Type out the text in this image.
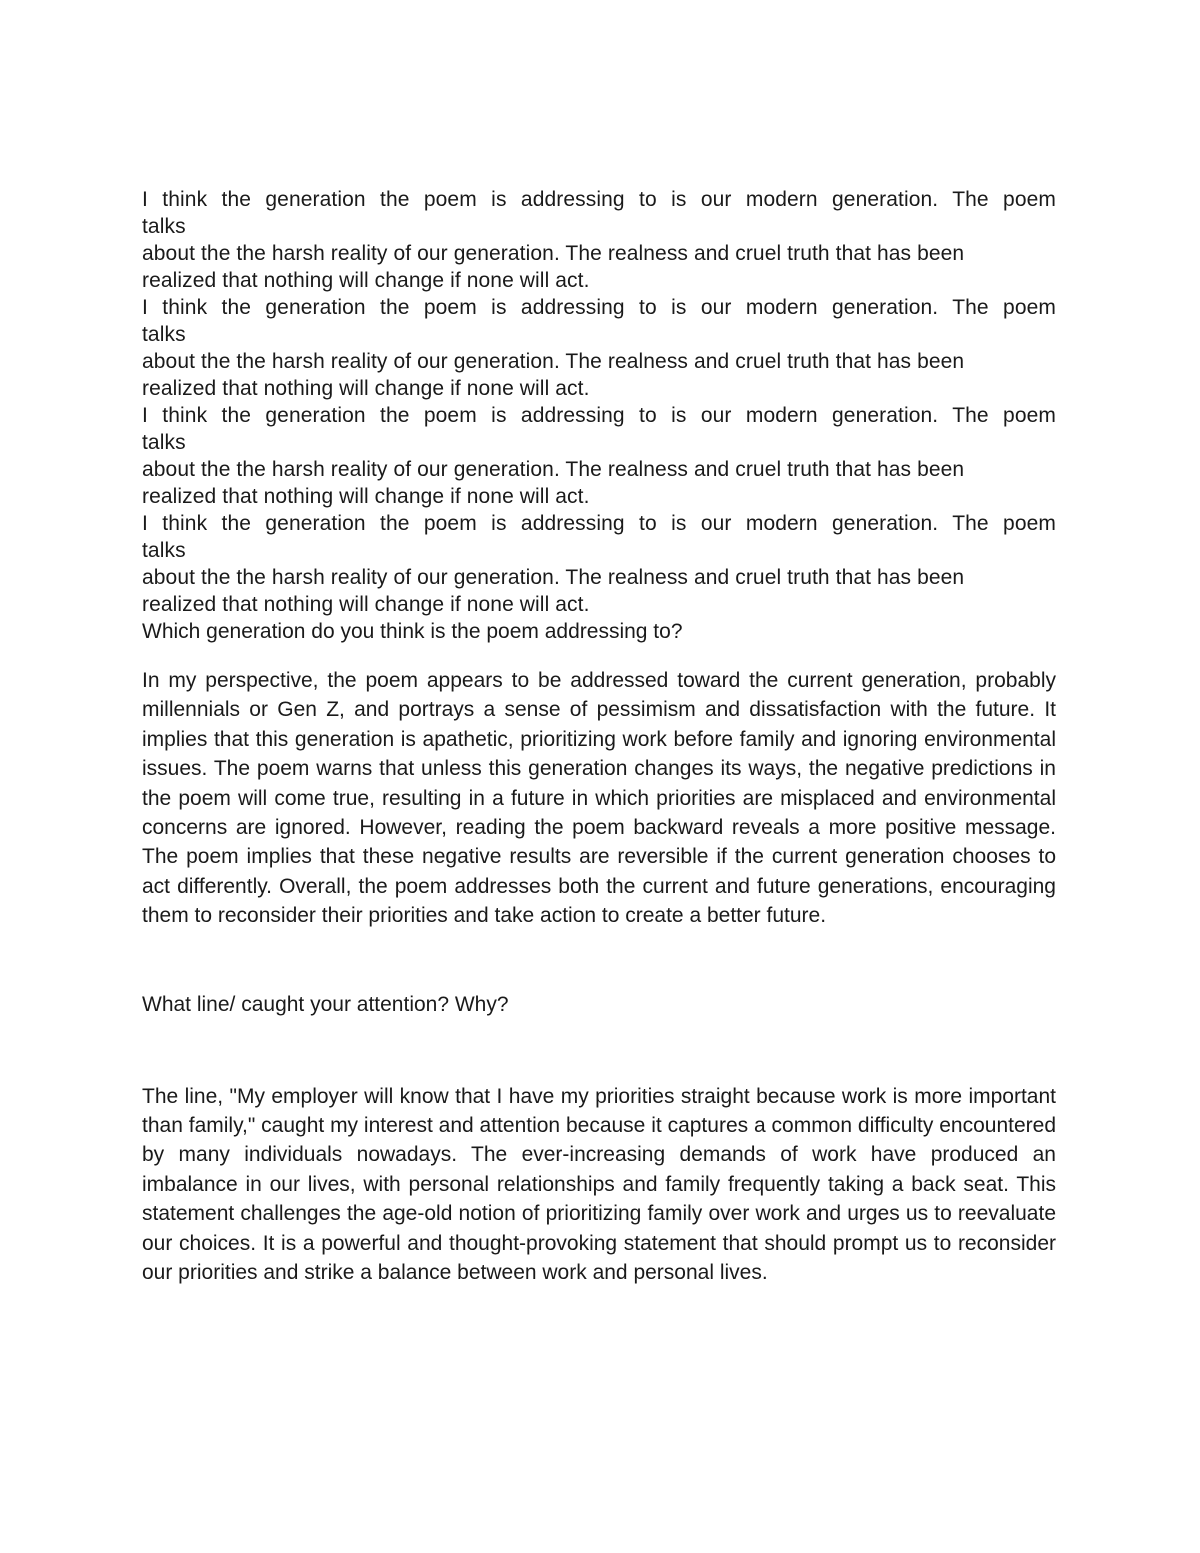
I think the generation the poem is addressing to is our modern generation. The poem
talks
about the the harsh reality of our generation. The realness and cruel truth that has been
realized that nothing will change if none will act.
I think the generation the poem is addressing to is our modern generation. The poem
talks
about the the harsh reality of our generation. The realness and cruel truth that has been
realized that nothing will change if none will act.
I think the generation the poem is addressing to is our modern generation. The poem
talks
about the the harsh reality of our generation. The realness and cruel truth that has been
realized that nothing will change if none will act.
I think the generation the poem is addressing to is our modern generation. The poem
talks
about the the harsh reality of our generation. The realness and cruel truth that has been
realized that nothing will change if none will act.
Which generation do you think is the poem addressing to?

In my perspective, the poem appears to be addressed toward the current generation, probably millennials or Gen Z, and portrays a sense of pessimism and dissatisfaction with the future. It implies that this generation is apathetic, prioritizing work before family and ignoring environmental issues. The poem warns that unless this generation changes its ways, the negative predictions in the poem will come true, resulting in a future in which priorities are misplaced and environmental concerns are ignored. However, reading the poem backward reveals a more positive message. The poem implies that these negative results are reversible if the current generation chooses to act differently. Overall, the poem addresses both the current and future generations, encouraging them to reconsider their priorities and take action to create a better future.

What line/ caught your attention? Why?

The line, "My employer will know that I have my priorities straight because work is more important than family," caught my interest and attention because it captures a common difficulty encountered by many individuals nowadays. The ever-increasing demands of work have produced an imbalance in our lives, with personal relationships and family frequently taking a back seat. This statement challenges the age-old notion of prioritizing family over work and urges us to reevaluate our choices. It is a powerful and thought-provoking statement that should prompt us to reconsider our priorities and strike a balance between work and personal lives.
